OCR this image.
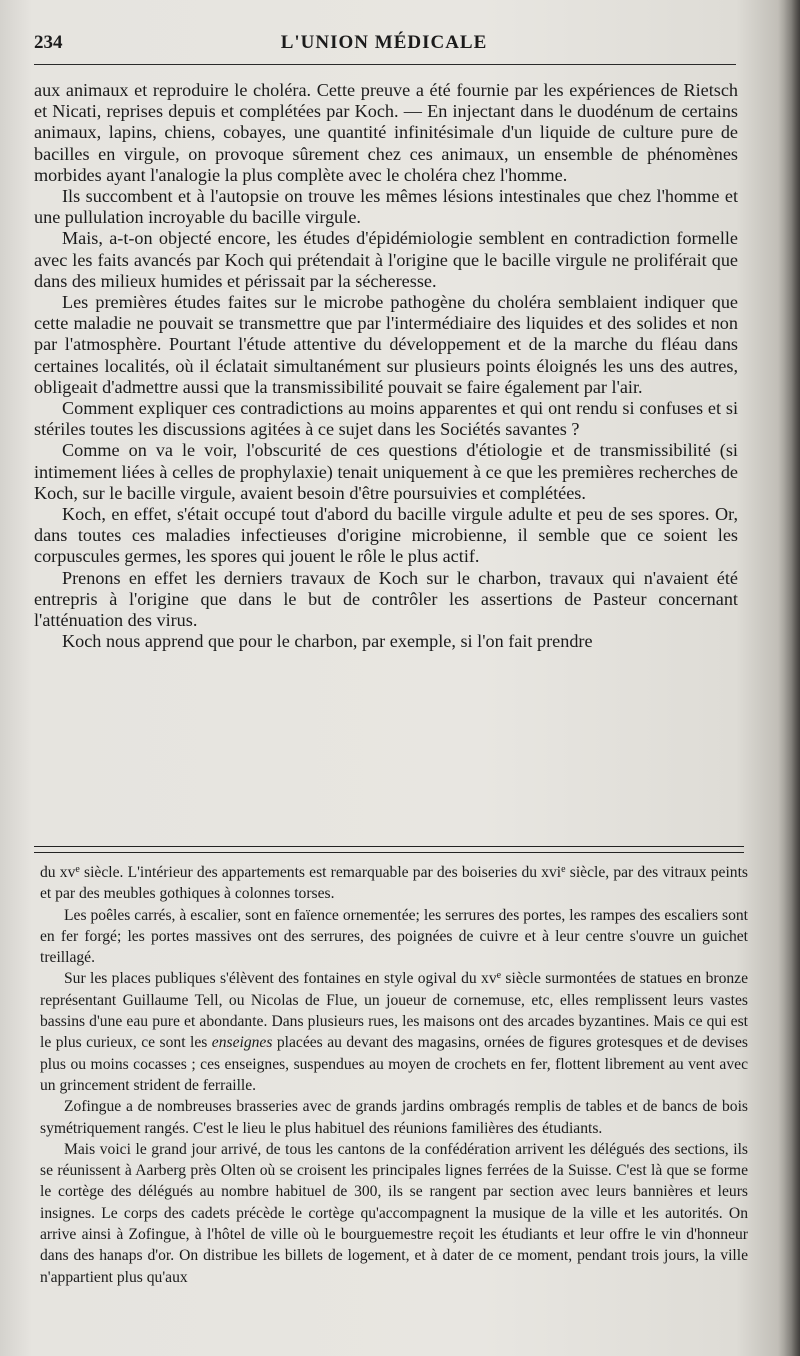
234	L'UNION MÉDICALE

aux animaux et reproduire le choléra. Cette preuve a été fournie par les expériences de Rietsch et Nicati, reprises depuis et complétées par Koch. — En injectant dans le duodénum de certains animaux, lapins, chiens, cobayes, une quantité infinitésimale d'un liquide de culture pure de bacilles en virgule, on provoque sûrement chez ces animaux, un ensemble de phénomènes morbides ayant l'analogie la plus complète avec le choléra chez l'homme.

Ils succombent et à l'autopsie on trouve les mêmes lésions intestinales que chez l'homme et une pullulation incroyable du bacille virgule.

Mais, a-t-on objecté encore, les études d'épidémiologie semblent en contradiction formelle avec les faits avancés par Koch qui prétendait à l'origine que le bacille virgule ne proliférait que dans des milieux humides et périssait par la sécheresse.

Les premières études faites sur le microbe pathogène du choléra semblaient indiquer que cette maladie ne pouvait se transmettre que par l'intermédiaire des liquides et des solides et non par l'atmosphère. Pourtant l'étude attentive du développement et de la marche du fléau dans certaines localités, où il éclatait simultanément sur plusieurs points éloignés les uns des autres, obligeait d'admettre aussi que la transmissibilité pouvait se faire également par l'air.

Comment expliquer ces contradictions au moins apparentes et qui ont rendu si confuses et si stériles toutes les discussions agitées à ce sujet dans les Sociétés savantes ?

Comme on va le voir, l'obscurité de ces questions d'étiologie et de transmissibilité (si intimement liées à celles de prophylaxie) tenait uniquement à ce que les premières recherches de Koch, sur le bacille virgule, avaient besoin d'être poursuivies et complétées.

Koch, en effet, s'était occupé tout d'abord du bacille virgule adulte et peu de ses spores. Or, dans toutes ces maladies infectieuses d'origine microbienne, il semble que ce soient les corpuscules germes, les spores qui jouent le rôle le plus actif.

Prenons en effet les derniers travaux de Koch sur le charbon, travaux qui n'avaient été entrepris à l'origine que dans le but de contrôler les assertions de Pasteur concernant l'atténuation des virus.

Koch nous apprend que pour le charbon, par exemple, si l'on fait prendre

du $xv^e$ siècle. L'intérieur des appartements est remarquable par des boiseries du xvi$^e$ siècle, par des vitraux peints et par des meubles gothiques à colonnes torses.

Les poêles carrés, à escalier, sont en faïence ornementée; les serrures des portes, les rampes des escaliers sont en fer forgé; les portes massives ont des serrures, des poignées de cuivre et à leur centre s'ouvre un guichet treillagé.

Sur les places publiques s'élèvent des fontaines en style ogival du $xv^e$ siècle surmontées de statues en bronze représentant Guillaume Tell, ou Nicolas de Flue, un joueur de cornemuse, etc, elles remplissent leurs vastes bassins d'une eau pure et abondante. Dans plusieurs rues, les maisons ont des arcades byzantines. Mais ce qui est le plus curieux, ce sont les enseignes placées au devant des magasins, ornées de figures grotesques et de devises plus ou moins cocasses ; ces enseignes, suspendues au moyen de crochets en fer, flottent librement au vent avec un grincement strident de ferraille.

Zofingue a de nombreuses brasseries avec de grands jardins ombragés remplis de tables et de bancs de bois symétriquement rangés. C'est le lieu le plus habituel des réunions familières des étudiants.

Mais voici le grand jour arrivé, de tous les cantons de la confédération arrivent les délégués des sections, ils se réunissent à Aarberg près Olten où se croisent les principales lignes ferrées de la Suisse. C'est là que se forme le cortège des délégués au nombre habituel de 300, ils se rangent par section avec leurs bannières et leurs insignes. Le corps des cadets précède le cortège qu'accompagnent la musique de la ville et les autorités. On arrive ainsi à Zofingue, à l'hôtel de ville où le bourguemestre reçoit les étudiants et leur offre le vin d'honneur dans des hanaps d'or. On distribue les billets de logement, et à dater de ce moment, pendant trois jours, la ville n'appartient plus qu'aux
